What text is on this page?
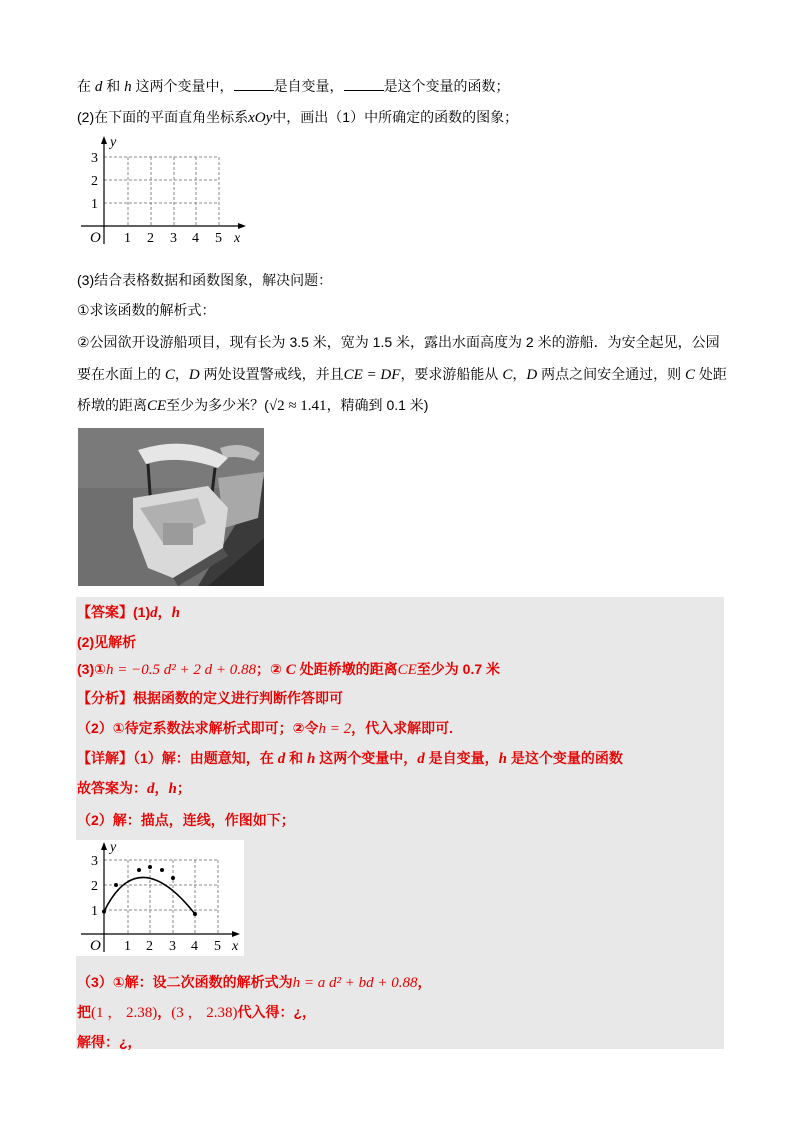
在 d 和 h 这两个变量中，	是自变量，	是这个变量的函数；
(2)在下面的平面直角坐标系xOy中，画出（1）中所确定的函数的图象；
y
x
O 1 2 3 4 5
1
2
3
(3)结合表格数据和函数图象，解决问题：
①求该函数的解析式：
②公园欲开设游船项目，现有长为 3.5 米，宽为 1.5 米，露出水面高度为 2 米的游船．为安全起见，公园
要在水面上的 C，D 两处设置警戒线，并且CE = DF，要求游船能从 C，D 两点之间安全通过，则 C 处距
桥墩的距离CE至少为多少米？(√2 ≈ 1.41，精确到 0.1 米)
【答案】(1)d，h
(2)见解析
(3)①h = −0.5 d² + 2 d + 0.88；② C 处距桥墩的距离CE至少为 0.7 米
【分析】根据函数的定义进行判断作答即可
（2）①待定系数法求解析式即可；②令h = 2，代入求解即可.
【详解】（1）解：由题意知，在 d 和 h 这两个变量中，d 是自变量，h 是这个变量的函数
故答案为：d，h；
（2）解：描点，连线，作图如下；
y
x
O 1 2 3 4 5
1
2
3
（3）①解：设二次函数的解析式为h = a d² + bd + 0.88，
把(1 ， 2.38)，(3 ， 2.38)代入得：¿，
解得：¿，
